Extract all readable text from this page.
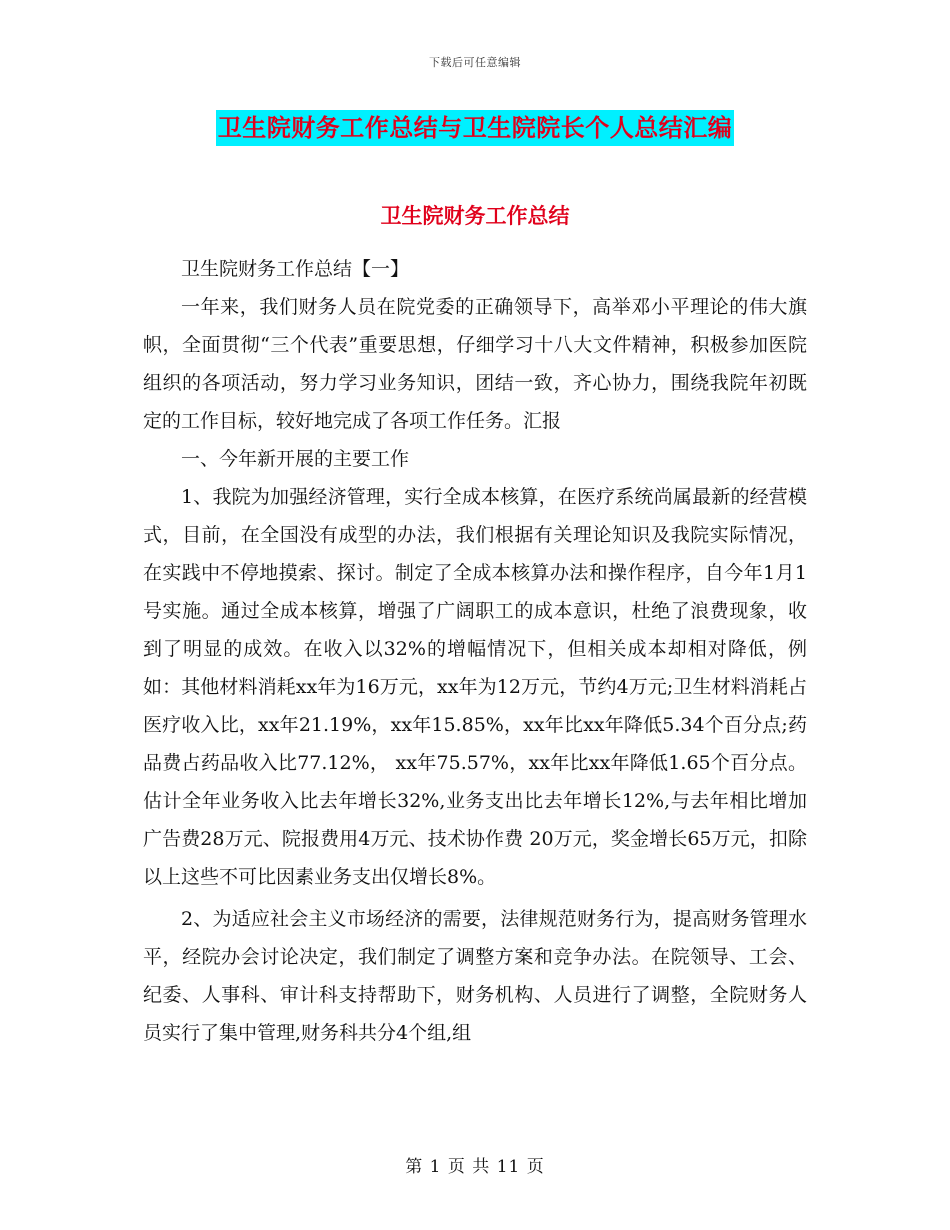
下载后可任意编辑
卫生院财务工作总结与卫生院院长个人总结汇编
卫生院财务工作总结

卫生院财务工作总结【一】

一年来，我们财务人员在院党委的正确领导下，高举邓小平理论的伟大旗帜，全面贯彻“三个代表”重要思想，仔细学习十八大文件精神，积极参加医院组织的各项活动，努力学习业务知识，团结一致，齐心协力，围绕我院年初既定的工作目标，较好地完成了各项工作任务。汇报

一、今年新开展的主要工作

1、我院为加强经济管理，实行全成本核算，在医疗系统尚属最新的经营模式，目前，在全国没有成型的办法，我们根据有关理论知识及我院实际情况，在实践中不停地摸索、探讨。制定了全成本核算办法和操作程序，自今年1月1号实施。通过全成本核算，增强了广阔职工的成本意识，杜绝了浪费现象，收到了明显的成效。在收入以32%的增幅情况下，但相关成本却相对降低，例如：其他材料消耗xx年为16万元，xx年为12万元，节约4万元;卫生材料消耗占医疗收入比，xx年21.19%，xx年15.85%，xx年比xx年降低5.34个百分点;药品费占药品收入比77.12%， xx年75.57%，xx年比xx年降低1.65个百分点。估计全年业务收入比去年增长32%,业务支出比去年增长12%,与去年相比增加广告费28万元、院报费用4万元、技术协作费 20万元，奖金增长65万元，扣除以上这些不可比因素业务支出仅增长8%。

2、为适应社会主义市场经济的需要，法律规范财务行为，提高财务管理水平，经院办会讨论决定，我们制定了调整方案和竞争办法。在院领导、工会、纪委、人事科、审计科支持帮助下，财务机构、人员进行了调整，全院财务人员实行了集中管理,财务科共分4个组,组

第 1 页 共 11 页
